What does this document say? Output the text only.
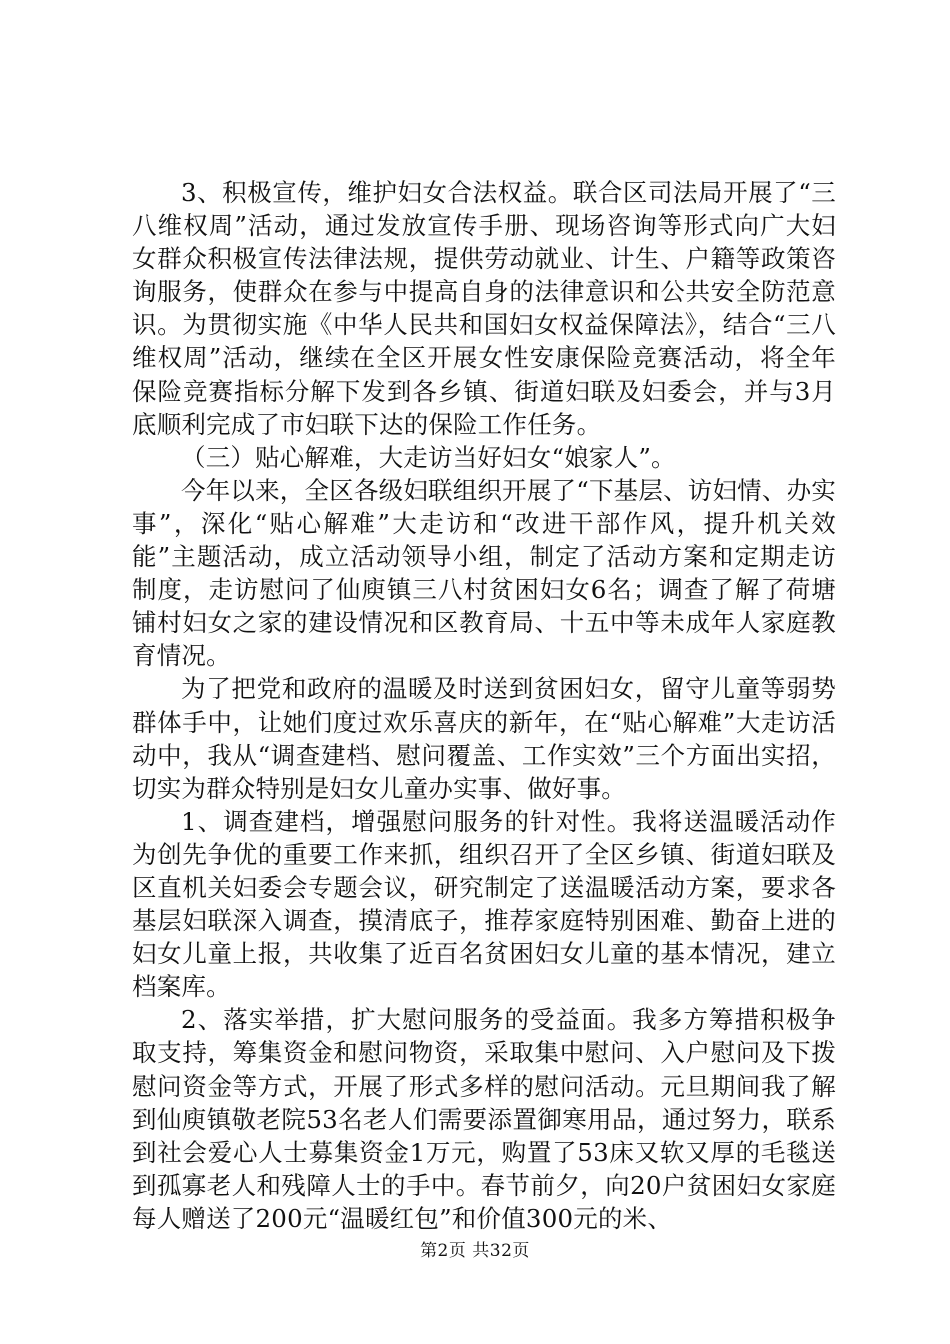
3、积极宣传，维护妇女合法权益。联合区司法局开展了“三八维权周”活动，通过发放宣传手册、现场咨询等形式向广大妇女群众积极宣传法律法规，提供劳动就业、计生、户籍等政策咨询服务，使群众在参与中提高自身的法律意识和公共安全防范意识。为贯彻实施《中华人民共和国妇女权益保障法》，结合“三八维权周”活动，继续在全区开展女性安康保险竞赛活动，将全年保险竞赛指标分解下发到各乡镇、街道妇联及妇委会，并与3月底顺利完成了市妇联下达的保险工作任务。

（三）贴心解难，大走访当好妇女“娘家人”。

今年以来，全区各级妇联组织开展了“下基层、访妇情、办实事”，深化“贴心解难”大走访和“改进干部作风，提升机关效能”主题活动，成立活动领导小组，制定了活动方案和定期走访制度，走访慰问了仙庾镇三八村贫困妇女6名；调查了解了荷塘铺村妇女之家的建设情况和区教育局、十五中等未成年人家庭教育情况。

为了把党和政府的温暖及时送到贫困妇女，留守儿童等弱势群体手中，让她们度过欢乐喜庆的新年，在“贴心解难”大走访活动中，我从“调查建档、慰问覆盖、工作实效”三个方面出实招，切实为群众特别是妇女儿童办实事、做好事。

1、调查建档，增强慰问服务的针对性。我将送温暖活动作为创先争优的重要工作来抓，组织召开了全区乡镇、街道妇联及区直机关妇委会专题会议，研究制定了送温暖活动方案，要求各基层妇联深入调查，摸清底子，推荐家庭特别困难、勤奋上进的妇女儿童上报，共收集了近百名贫困妇女儿童的基本情况，建立档案库。

2、落实举措，扩大慰问服务的受益面。我多方筹措积极争取支持，筹集资金和慰问物资，采取集中慰问、入户慰问及下拨慰问资金等方式，开展了形式多样的慰问活动。元旦期间我了解到仙庾镇敬老院53名老人们需要添置御寒用品，通过努力，联系到社会爱心人士募集资金1万元，购置了53床又软又厚的毛毯送到孤寡老人和残障人士的手中。春节前夕，向20户贫困妇女家庭每人赠送了200元“温暖红包”和价值300元的米、

第2页 共32页
